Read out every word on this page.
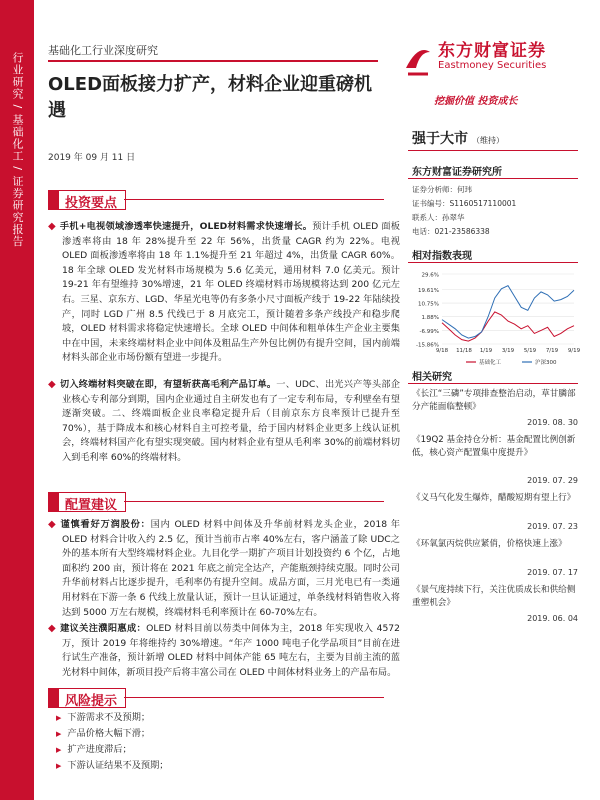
行业研究 / 基础化工 / 证券研究报告
基础化工行业深度研究	东方财富证券
Eastmoney Securities
挖掘价值 投资成长
OLED面板接力扩产，材料企业迎重磅机遇
2019 年 09 月 11 日
强于大市 （维持）
东方财富证券研究所
证券分析师：何玮
证书编号：S1160517110001
联系人：孙翠华
电话：021-23586338
相对指数表现
29.6%
19.61%
10.75%
1.88%
-6.99%
-15.86%
9/18 11/18 1/19 3/19 5/19 7/19 9/19
基础化工	沪深300
相关研究
《长江“三磷”专项排查整治启动，草甘膦部分产能面临整顿》
2019. 08. 30
《19Q2 基金持仓分析：基金配置比例创新低，核心资产配置集中度提升》
2019. 07. 29
《义马气化发生爆炸，醋酸短期有望上行》
2019. 07. 23
《环氧氯丙烷供应紧俏，价格快速上涨》
2019. 07. 17
《景气度持续下行，关注优质成长和供给侧重塑机会》
2019. 06. 04
投资要点
◆ 手机+电视领域渗透率快速提升，OLED材料需求快速增长。预计手机 OLED 面板渗透率将由 18 年 28%提升至 22 年 56%，出货量 CAGR 约为 22%。电视 OLED 面板渗透率将由 18 年 1.1%提升至 21 年超过 4%，出货量 CAGR 60%。18 年全球 OLED 发光材料市场规模为 5.6 亿美元，通用材料 7.0 亿美元。预计 19-21 年有望维持 30%增速，21 年 OLED 终端材料市场规模将达到 200 亿元左右。三星、京东方、LGD、华星光电等仍有多条小尺寸面板产线于 19-22 年陆续投产，同时 LGD 广州 8.5 代线已于 8 月底完工，预计随着多条产线投产和稳步爬坡，OLED 材料需求将稳定快速增长。全球 OLED 中间体和粗单体生产企业主要集中在中国，未来终端材料企业中间体及粗品生产外包比例仍有提升空间，国内前端材料头部企业市场份额有望进一步提升。
◆ 切入终端材料突破在即，有望斩获高毛利产品订单。一、UDC、出光兴产等头部企业核心专利部分到期，国内企业通过自主研发也有了一定专利布局，专利壁垒有望逐渐突破。二、终端面板企业良率稳定提升后（目前京东方良率预计已提升至 70%），基于降成本和核心材料自主可控考量，给于国内材料企业更多上线认证机会，终端材料国产化有望实现突破。国内材料企业有望从毛利率 30%的前端材料切入到毛利率 60%的终端材料。
配置建议
◆ 谨慎看好万润股份：国内 OLED 材料中间体及升华前材料龙头企业，2018 年 OLED 材料合计收入约 2.5 亿，预计当前市占率 40%左右，客户涵盖了除 UDC之外的基本所有大型终端材料企业。九目化学一期扩产项目计划投资约 6 个亿，占地面积约 200 亩，预计将在 2021 年底之前完全达产，产能瓶颈持续克服。同时公司升华前材料占比逐步提升，毛利率仍有提升空间。成品方面，三月光电已有一类通用材料在下游一条 6 代线上放量认证，预计一旦认证通过，单条线材料销售收入将达到 5000 万左右规模，终端材料毛利率预计在 60-70%左右。
◆ 建议关注濮阳惠成：OLED 材料目前以芴类中间体为主，2018 年实现收入 4572 万，预计 2019 年将维持约 30%增速。“年产 1000 吨电子化学品项目”目前在进行试生产准备，预计新增 OLED 材料中间体产能 65 吨左右，主要为目前主流的蓝光材料中间体，新项目投产后将丰富公司在 OLED 中间体材料业务上的产品布局。
风险提示
▶ 下游需求不及预期；
▶ 产品价格大幅下滑；
▶ 扩产进度滞后；
▶ 下游认证结果不及预期；
